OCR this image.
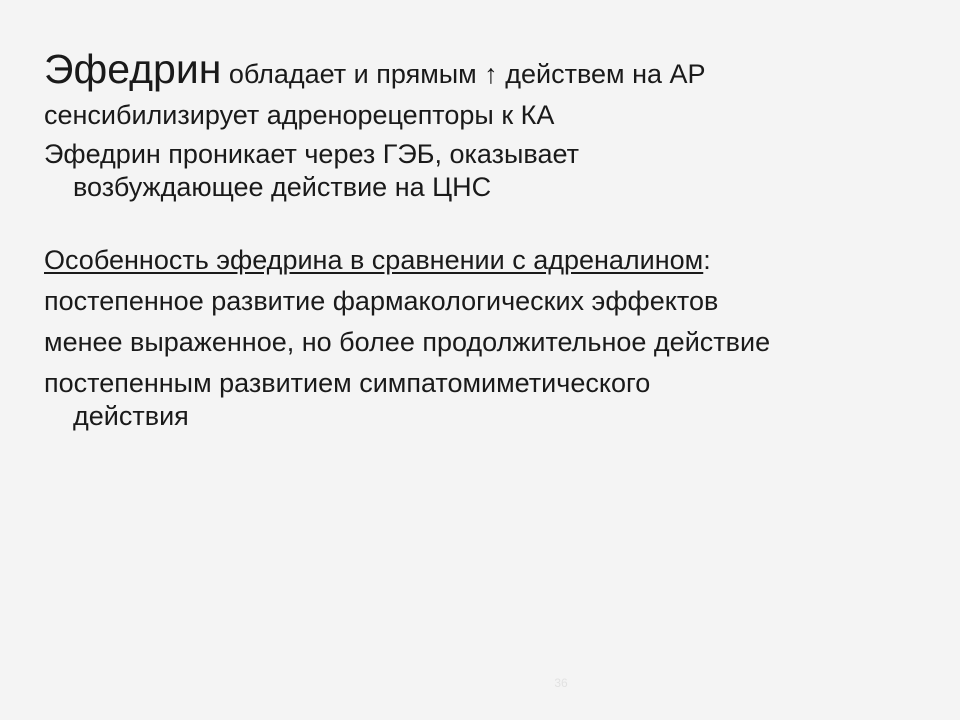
Эфедрин обладает и прямым ↑ действем на АР

сенсибилизирует адренорецепторы к КА

Эфедрин проникает через ГЭБ, оказывает

возбуждающее действие на ЦНС

Особенность эфедрина в сравнении с адреналином:

постепенное развитие фармакологических эффектов

менее выраженное, но более продолжительное действие

постепенным развитием симпатомиметического

действия

36
